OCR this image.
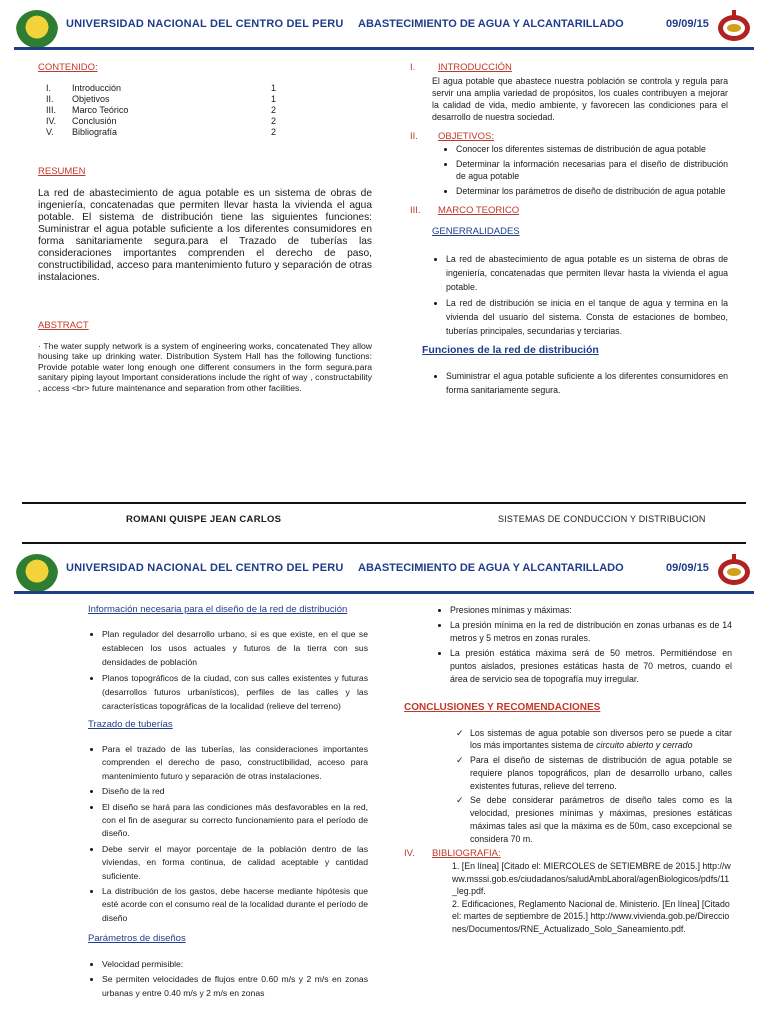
UNIVERSIDAD NACIONAL DEL CENTRO DEL PERU ABASTECIMIENTO DE AGUA Y ALCANTARILLADO	09/09/15
CONTENIDO:
I.	Introducción	1
II.	Objetivos	1
III.	Marco Teórico	2
IV.	Conclusión	2
V.	Bibliografía	2
RESUMEN
La red de abastecimiento de agua potable es un sistema de obras de ingeniería, concatenadas que permiten llevar hasta la vivienda el agua potable. El sistema de distribución tiene las siguientes funciones: Suministrar el agua potable suficiente a los diferentes consumidores en forma sanitariamente segura.para el Trazado de tuberías las consideraciones importantes comprenden el derecho de paso, constructibilidad, acceso para mantenimiento futuro y separación de otras instalaciones.
ABSTRACT
· The water supply network is a system of engineering works, concatenated They allow housing take up drinking water. Distribution System Hall has the following functions: Provide potable water long enough one different consumers in the form segura.para sanitary piping layout Important considerations include the right of way , constructability , access <br> future maintenance and separation from other facilities.
I. INTRODUCCIÓN
El agua potable que abastece nuestra población se controla y regula para servir una amplia variedad de propósitos, los cuales contribuyen a mejorar la calidad de vida, medio ambiente, y favorecen las condiciones para el desarrollo de nuestra sociedad.
II. OBJETIVOS:
• Conocer los diferentes sistemas de distribución de agua potable
• Determinar la información necesarias para el diseño de distribución de agua potable
• Determinar los parámetros de diseño de distribución de agua potable
III. MARCO TEORICO
GENERRALIDADES
• La red de abastecimiento de agua potable es un sistema de obras de ingeniería, concatenadas que permiten llevar hasta la vivienda el agua potable.
• La red de distribución se inicia en el tanque de agua y termina en la vivienda del usuario del sistema. Consta de estaciones de bombeo, tuberías principales, secundarias y terciarias.
Funciones de la red de distribución
• Suministrar el agua potable suficiente a los diferentes consumidores en forma sanitariamente segura.
ROMANI QUISPE JEAN CARLOS	SISTEMAS DE CONDUCCION Y DISTRIBUCION
UNIVERSIDAD NACIONAL DEL CENTRO DEL PERU ABASTECIMIENTO DE AGUA Y ALCANTARILLADO	09/09/15
Información necesaria para el diseño de la red de distribución
• Plan regulador del desarrollo urbano, si es que existe, en el que se establecen los usos actuales y futuros de la tierra con sus densidades de población
• Planos topográficos de la ciudad, con sus calles existentes y futuras (desarrollos futuros urbanísticos), perfiles de las calles y las características topográficas de la localidad (relieve del terreno)
Trazado de tuberías
• Para el trazado de las tuberías, las consideraciones importantes comprenden el derecho de paso, constructibilidad, acceso para mantenimiento futuro y separación de otras instalaciones.
• Diseño de la red
• El diseño se hará para las condiciones más desfavorables en la red, con el fin de asegurar su correcto funcionamiento para el período de diseño.
• Debe servir el mayor porcentaje de la población dentro de las viviendas, en forma continua, de calidad aceptable y cantidad suficiente.
• La distribución de los gastos, debe hacerse mediante hipótesis que esté acorde con el consumo real de la localidad durante el período de diseño
Parámetros de diseños
• Velocidad permisible:
• Se permiten velocidades de flujos entre 0.60 m/s y 2 m/s en zonas urbanas y entre 0.40 m/s y 2 m/s en zonas
• Presiones mínimas y máximas:
• La presión mínima en la red de distribución en zonas urbanas es de 14 metros y 5 metros en zonas rurales.
• La presión estática máxima será de 50 metros. Permitiéndose en puntos aislados, presiones estáticas hasta de 70 metros, cuando el área de servicio sea de topografía muy irregular.
CONCLUSIONES Y RECOMENDACIONES
✓ Los sistemas de agua potable son diversos pero se puede a citar los más importantes sistema de circuito abierto y cerrado
✓ Para el diseño de sistemas de distribución de agua potable se requiere planos topográficos, plan de desarrollo urbano, calles existentes futuras, relieve del terreno.
✓ Se debe considerar parámetros de diseño tales como es la velocidad, presiones mínimas y máximas, presiones estáticas máximas tales así que la máxima es de 50m, caso excepcional se considera 70 m.
IV. BIBLIOGRAFIA:
1. [En línea] [Citado el: MIERCOLES de SETIEMBRE de 2015.] http://www.msssi.gob.es/ciudadanos/saludAmbLaboral/agenBiologicos/pdfs/11_leg.pdf.
2. Edificaciones, Reglamento Nacional de. Ministerio. [En línea] [Citado el: martes de septiembre de 2015.] http://www.vivienda.gob.pe/Direcciones/Documentos/RNE_Actualizado_Solo_Saneamiento.pdf.
